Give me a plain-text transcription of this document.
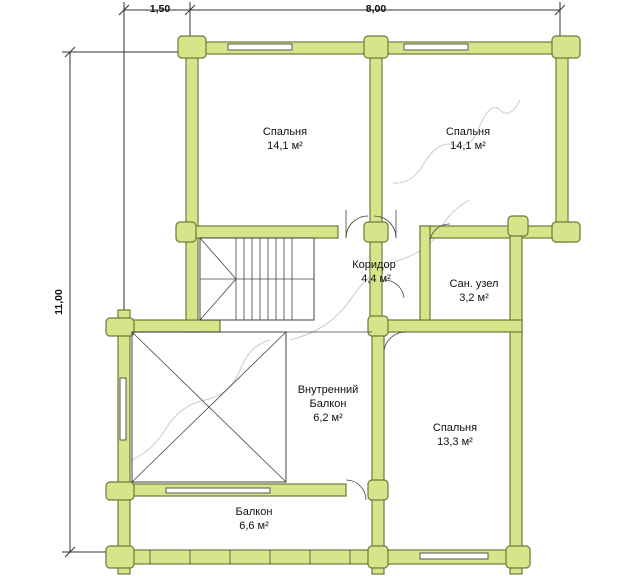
1,50	8,00
11,00
Спальня
14,1 м²
Спальня
14,1 м²
Коридор
4,4 м²	Сан. узел
3,2 м²
Внутренний
Балкон
6,2 м²
Спальня
13,3 м²
Балкон
6,6 м²
